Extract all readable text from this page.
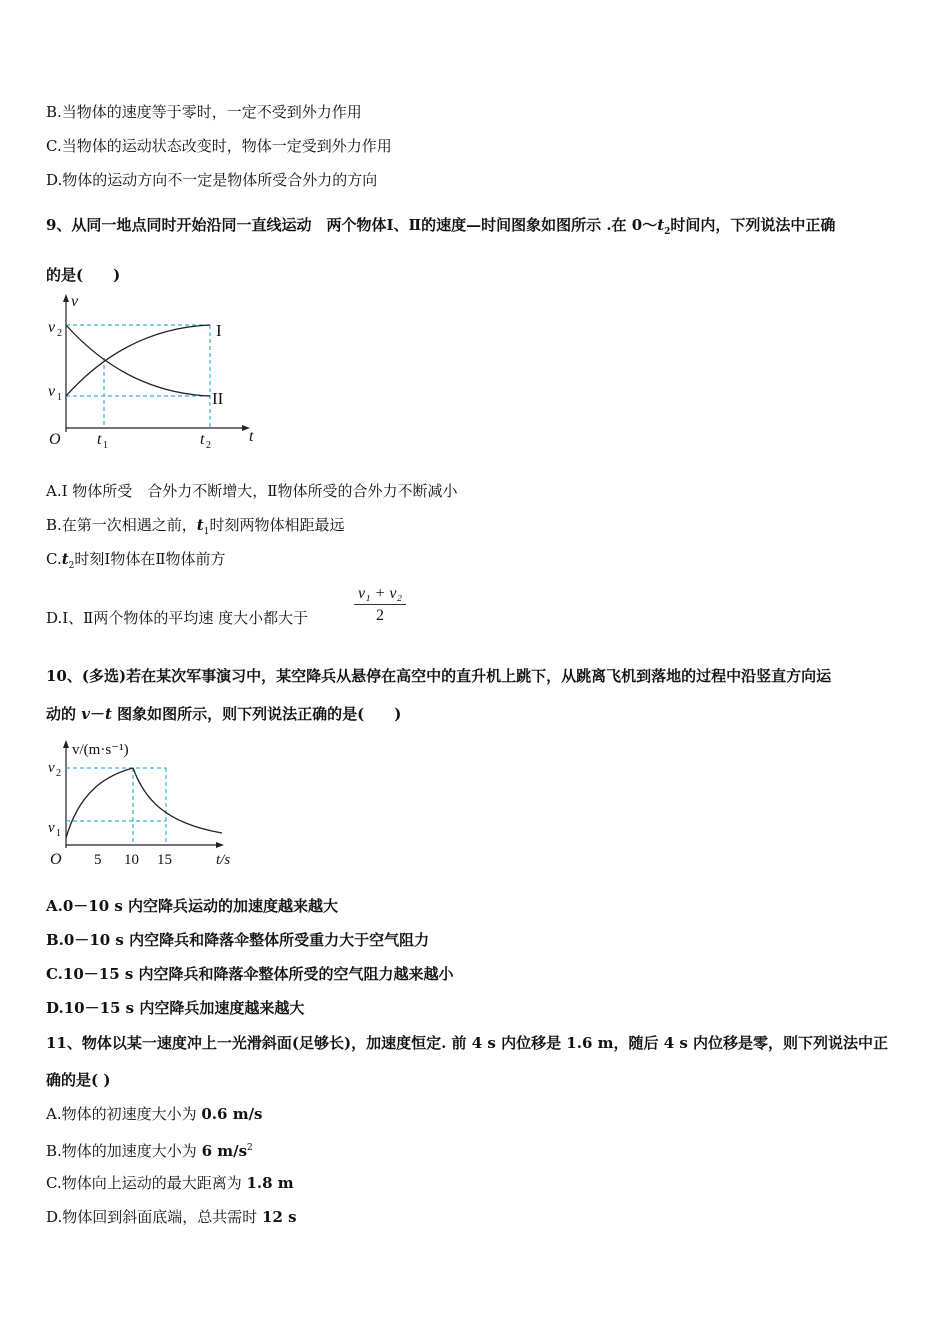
B.当物体的速度等于零时，一定不受到外力作用
C.当物体的运动状态改变时，物体一定受到外力作用
D.物体的运动方向不一定是物体所受合外力的方向
9、从同一地点同时开始沿同一直线运动　两个物体Ⅰ、Ⅱ的速度—时间图象如图所示 .在 $0\sim t_2$时间内，下列说法中正确
的是(　　)
v
t
O
v 2
v 1
t 1	t 2
I
II
A.Ⅰ 物体所受　合外力不断增大，Ⅱ物体所受的合外力不断减小
B.在第一次相遇之前，$t_1$时刻两物体相距最远
$C.t_2$时刻Ⅰ物体在Ⅱ物体前方
D.Ⅰ、Ⅱ两个物体的平均速 度大小都大于	$\frac{\text{v₁ + v₂}}{2}$
10、(多选)若在某次军事演习中，某空降兵从悬停在高空中的直升机上跳下，从跳离飞机到落地的过程中沿竖直方向运
动的 v－t 图象如图所示，则下列说法正确的是(　　)
v/(m·s⁻¹)
t/s
O
v 2
v 1
5 10 15
A.0－10 s 内空降兵运动的加速度越来越大
B.0－10 s 内空降兵和降落伞整体所受重力大于空气阻力
C.10－15 s 内空降兵和降落伞整体所受的空气阻力越来越小
D.10－15 s 内空降兵加速度越来越大
11、物体以某一速度冲上一光滑斜面(足够长)，加速度恒定. 前 4 s 内位移是 1.6 m，随后 4 s 内位移是零，则下列说法中正
确的是( )
A.物体的初速度大小为 0.6 m/s
B.物体的加速度大小为 6 $m/s^2$
C.物体向上运动的最大距离为 1.8 m
D.物体回到斜面底端，总共需时 12 s
